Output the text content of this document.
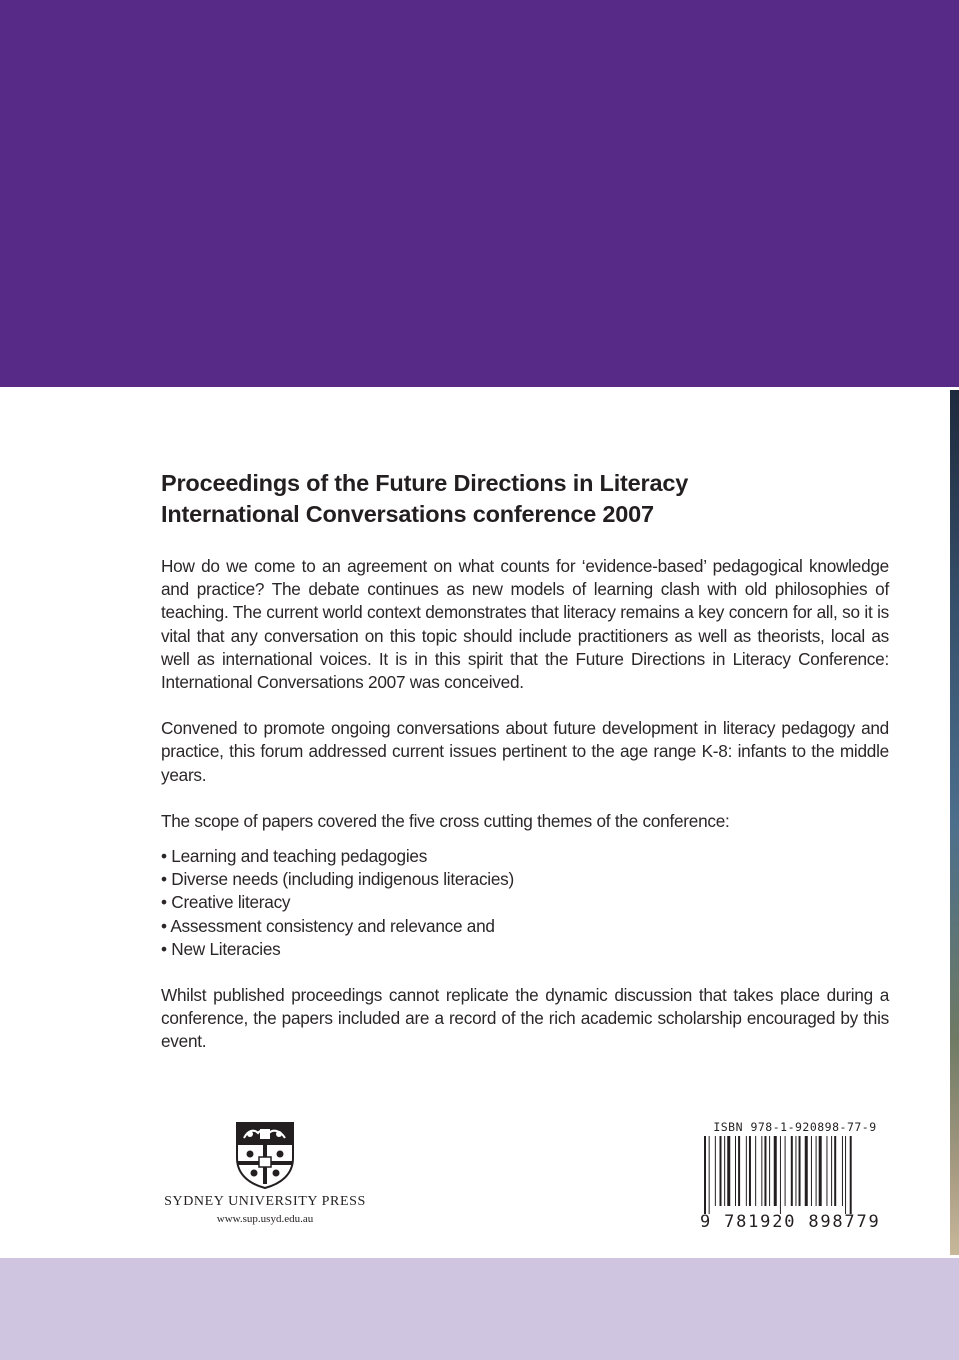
Proceedings of the Future Directions in Literacy
International Conversations conference 2007

How do we come to an agreement on what counts for ‘evidence-based’ pedagogical knowledge and practice? The debate continues as new models of learning clash with old philosophies of teaching. The current world context demonstrates that literacy remains a key concern for all, so it is vital that any conversation on this topic should include practitioners as well as theorists, local as well as international voices. It is in this spirit that the Future Directions in Literacy Conference: International Conversations 2007 was conceived.

Convened to promote ongoing conversations about future development in literacy pedagogy and practice, this forum addressed current issues pertinent to the age range K-8: infants to the middle years.

The scope of papers covered the five cross cutting themes of the conference:

• Learning and teaching pedagogies
• Diverse needs (including indigenous literacies)
• Creative literacy
• Assessment consistency and relevance and
• New Literacies

Whilst published proceedings cannot replicate the dynamic discussion that takes place during a conference, the papers included are a record of the rich academic scholarship encouraged by this event.

SYDNEY UNIVERSITY PRESS
www.sup.usyd.edu.au
ISBN 978-1-920898-77-9
9 781920 898779
